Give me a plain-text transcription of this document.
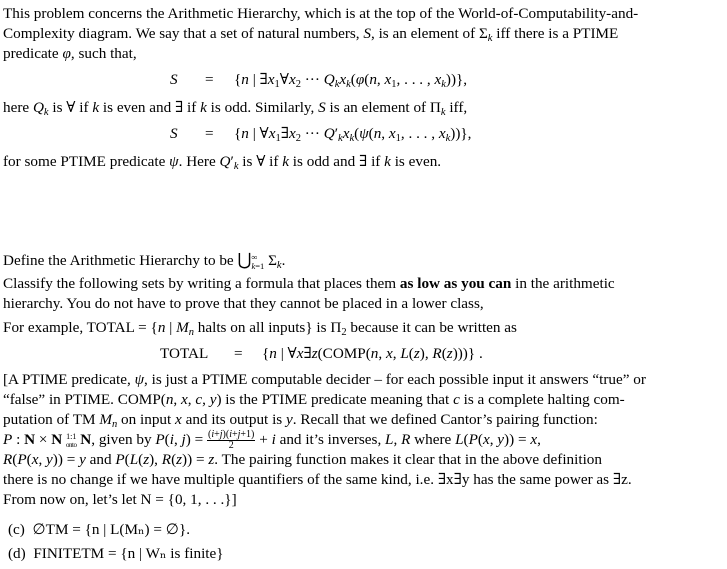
This problem concerns the Arithmetic Hierarchy, which is at the top of the World-of-Computability-and-
Complexity diagram. We say that a set of natural numbers, S, is an element of $\Sigma_k$ iff there is a PTIME
predicate φ, such that,
S = {n | $\exists x_1\forall x_2$ ··· $Q_kx_k(\varphi(n$, $x_1$, . . . , $x_k$))},
here $Q_k$ is ∀ if k is even and ∃ if k is odd. Similarly, S is an element of $\Pi_k$ iff,
S = {n | $\forall x_1\exists x_2$ ··· $Q'_kx_k(\psi(n$, $x_1$, . . . , $x_k$))},
for some PTIME predicate ψ. Here $Q'_k$ is ∀ if k is odd and ∃ if k is even.
Define the Arithmetic Hierarchy to be ⋃ ∞
k=1 $\Sigma_k$.
Classify the following sets by writing a formula that places them as low as you can in the arithmetic
hierarchy. You do not have to prove that they cannot be placed in a lower class,
For example, TOTAL = {n | $M_n$ halts on all inputs} is $\Pi_2$ because it can be written as
TOTAL = {n | ∀x∃z(COMP(n, x, L(z), R(z)))} .
[A PTIME predicate, ψ, is just a PTIME computable decider – for each possible input it answers “true” or
“false” in PTIME. COMP(n, x, c, y) is the PTIME predicate meaning that c is a complete halting com-
putation of TM $M_n$ on input x and its output is y. Recall that we defined Cantor’s pairing function:
P : N × N 1:1
onto N, given by P(i, $j) = \frac{(i+j)(i+j+1)}{2} + i$ and it’s inverses, L, R where L(P(x, y)) = x,
R(P(x, y)) = y and P(L(z), R(z)) = z. The pairing function makes it clear that in the above definition
there is no change if we have multiple quantifiers of the same kind, i.e. ∃x∃y has the same power as ∃z.
From now on, let’s let N = {0, 1, . . .}]
(c) ∅TM = {n | L(Mₙ) = ∅}.
(d) FINITETM = {n | Wₙ is finite}
